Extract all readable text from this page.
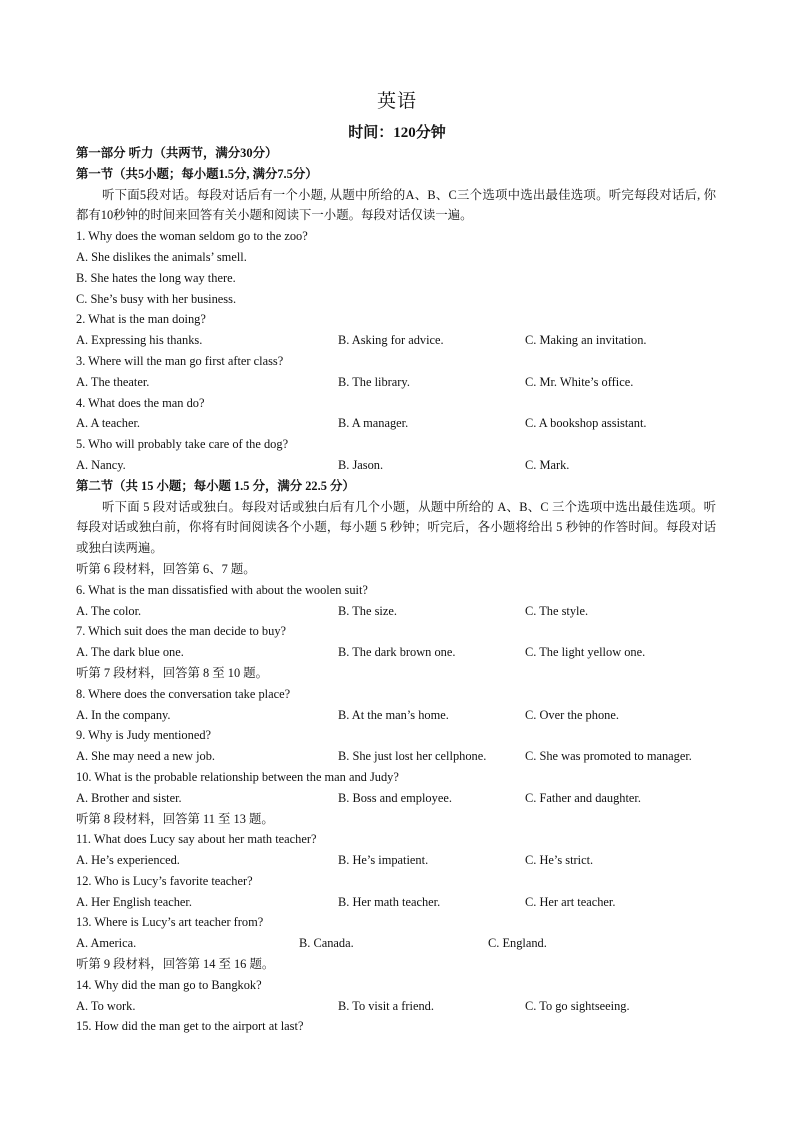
英语
时间：120分钟
第一部分 听力（共两节，满分30分）
第一节（共5小题；每小题1.5分, 满分7.5分）
听下面5段对话。每段对话后有一个小题, 从题中所给的A、B、C三个选项中选出最佳选项。听完每段对话后, 你都有10秒钟的时间来回答有关小题和阅读下一小题。每段对话仅读一遍。
1. Why does the woman seldom go to the zoo?
A. She dislikes the animals’ smell.
B. She hates the long way there.
C. She’s busy with her business.
2. What is the man doing?
A. Expressing his thanks.	B. Asking for advice.	C. Making an invitation.
3. Where will the man go first after class?
A. The theater.	B. The library.	C. Mr. White’s office.
4. What does the man do?
A. A teacher.	B. A manager.	C. A bookshop assistant.
5. Who will probably take care of the dog?
A. Nancy.	B. Jason.	C. Mark.
第二节（共 15 小题；每小题 1.5 分，满分 22.5 分）
听下面 5 段对话或独白。每段对话或独白后有几个小题，从题中所给的 A、B、C 三个选项中选出最佳选项。听每段对话或独白前，你将有时间阅读各个小题，每小题 5 秒钟；听完后，各小题将给出 5 秒钟的作答时间。每段对话或独白读两遍。
听第 6 段材料，回答第 6、7 题。
6. What is the man dissatisfied with about the woolen suit?
A. The color.	B. The size.	C. The style.
7. Which suit does the man decide to buy?
A. The dark blue one.	B. The dark brown one.	C. The light yellow one.
听第 7 段材料，回答第 8 至 10 题。
8. Where does the conversation take place?
A. In the company.	B. At the man’s home.	C. Over the phone.
9. Why is Judy mentioned?
A. She may need a new job.	B. She just lost her cellphone.	C. She was promoted to manager.
10. What is the probable relationship between the man and Judy?
A. Brother and sister.	B. Boss and employee.	C. Father and daughter.
听第 8 段材料，回答第 11 至 13 题。
11. What does Lucy say about her math teacher?
A. He’s experienced.	B. He’s impatient.	C. He’s strict.
12. Who is Lucy’s favorite teacher?
A. Her English teacher.	B. Her math teacher.	C. Her art teacher.
13. Where is Lucy’s art teacher from?
A. America.	B. Canada.	C. England.
听第 9 段材料，回答第 14 至 16 题。
14. Why did the man go to Bangkok?
A. To work.	B. To visit a friend.	C. To go sightseeing.
15. How did the man get to the airport at last?
